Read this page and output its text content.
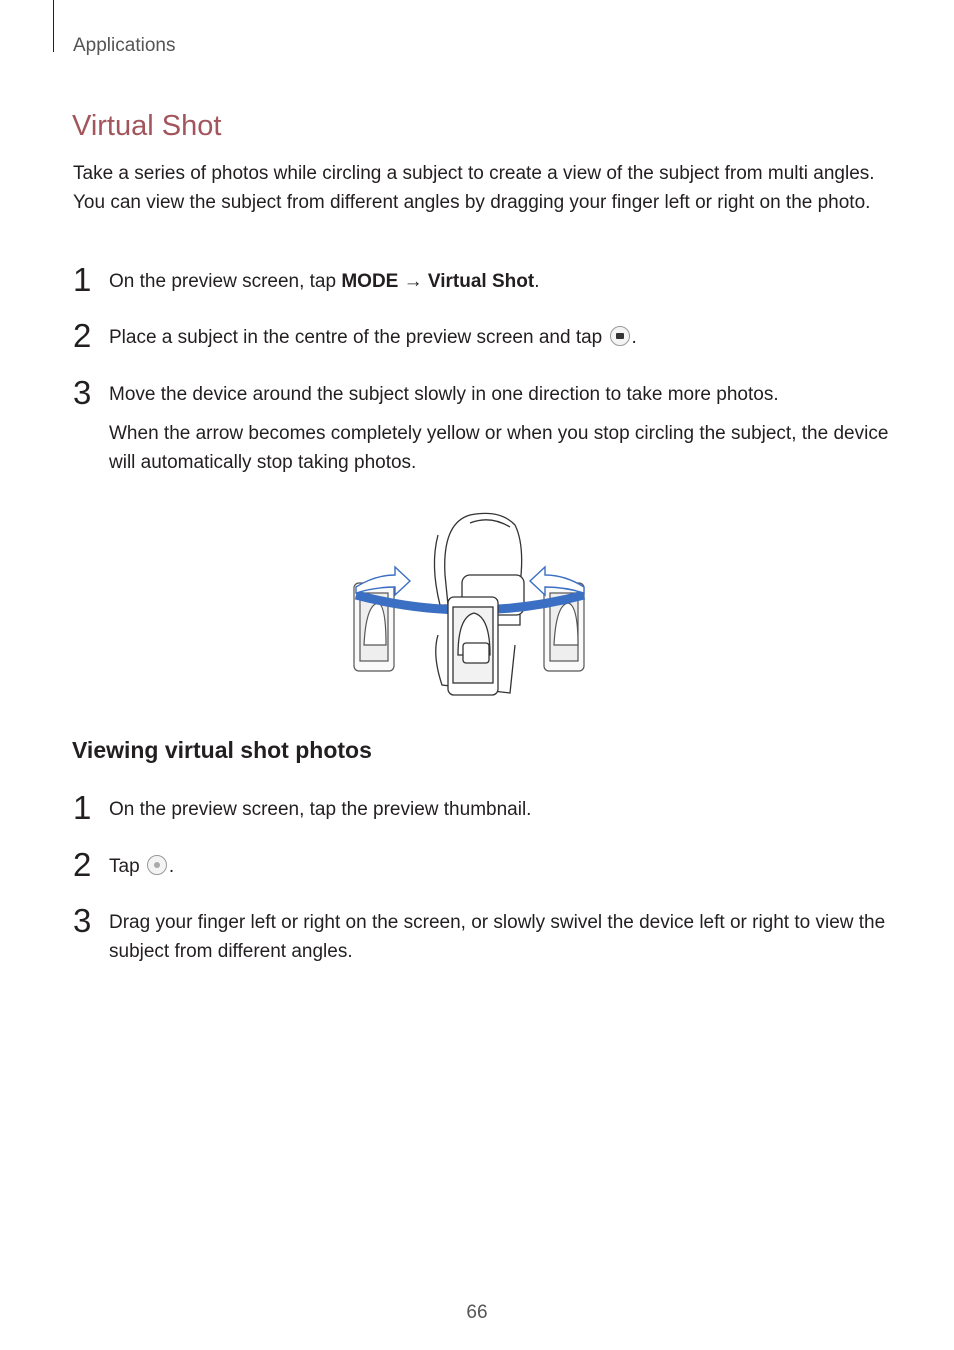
Applications
Virtual Shot

Take a series of photos while circling a subject to create a view of the subject from multi angles. You can view the subject from different angles by dragging your finger left or right on the photo.

1 On the preview screen, tap MODE → Virtual Shot.
2 Place a subject in the centre of the preview screen and tap .
3 Move the device around the subject slowly in one direction to take more photos.

When the arrow becomes completely yellow or when you stop circling the subject, the device will automatically stop taking photos.

Viewing virtual shot photos
1 On the preview screen, tap the preview thumbnail.
2 Tap .
3 Drag your finger left or right on the screen, or slowly swivel the device left or right to view the subject from different angles.
66
